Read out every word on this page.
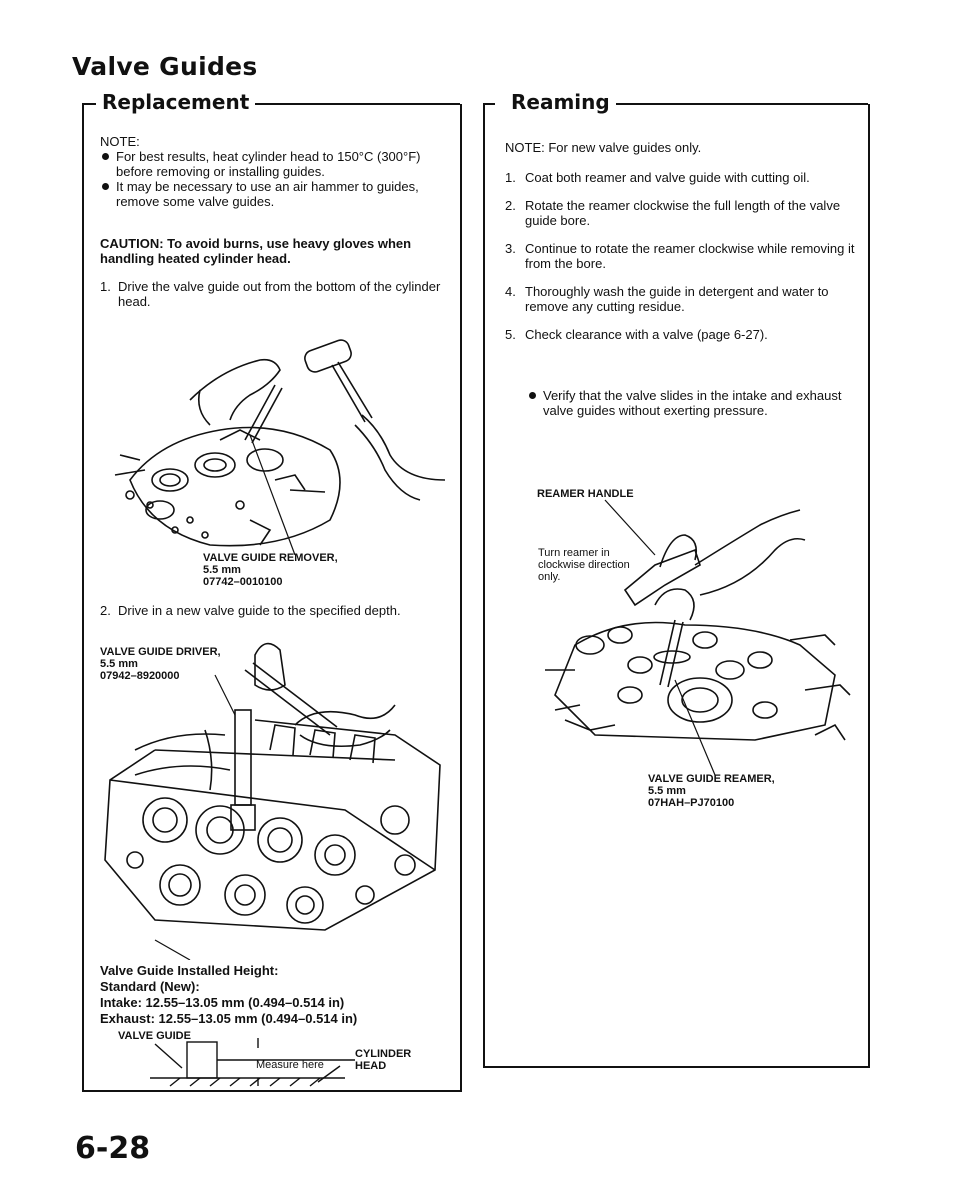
Valve Guides
Replacement
NOTE:
For best results, heat cylinder head to 150°C (300°F) before removing or installing guides.
It may be necessary to use an air hammer to guides, remove some valve guides.
CAUTION: To avoid burns, use heavy gloves when handling heated cylinder head.
1. Drive the valve guide out from the bottom of the cylinder head.
VALVE GUIDE REMOVER,
5.5 mm
07742–0010100
2. Drive in a new valve guide to the specified depth.
VALVE GUIDE DRIVER,
5.5 mm
07942–8920000
Valve Guide Installed Height:
Standard (New):
Intake: 12.55–13.05 mm (0.494–0.514 in)
Exhaust: 12.55–13.05 mm (0.494–0.514 in)
VALVE GUIDE
CYLINDER
HEAD
Measure here
Reaming
NOTE: For new valve guides only.
1. Coat both reamer and valve guide with cutting oil.
2. Rotate the reamer clockwise the full length of the valve guide bore.
3. Continue to rotate the reamer clockwise while removing it from the bore.
4. Thoroughly wash the guide in detergent and water to remove any cutting residue.
5. Check clearance with a valve (page 6-27).
Verify that the valve slides in the intake and exhaust valve guides without exerting pressure.
REAMER HANDLE
Turn reamer in
clockwise direction
only.
VALVE GUIDE REAMER,
5.5 mm
07HAH–PJ70100
6-28
